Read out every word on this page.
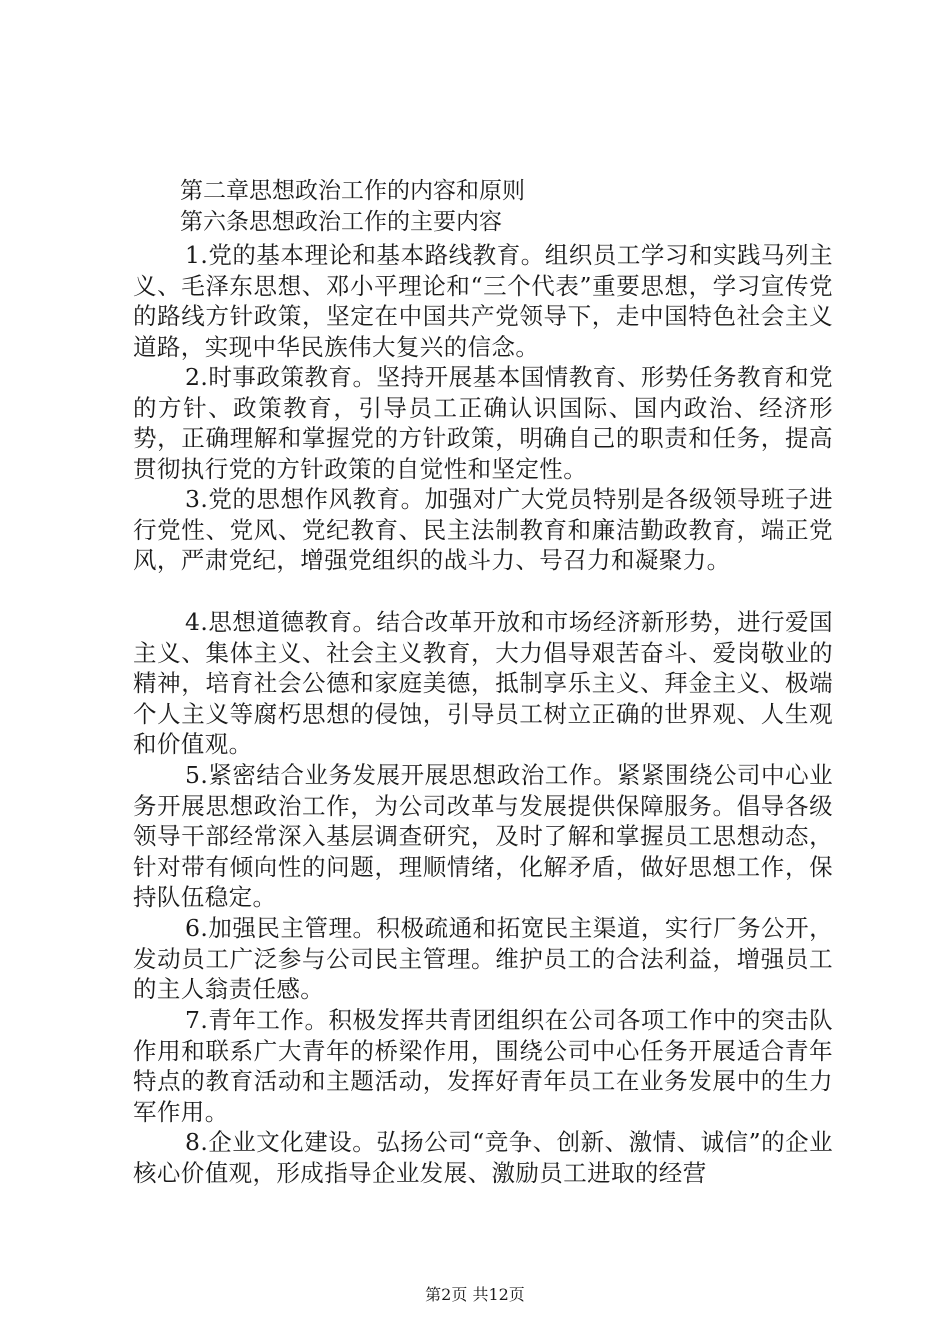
第二章思想政治工作的内容和原则
第六条思想政治工作的主要内容
1.党的基本理论和基本路线教育。组织员工学习和实践马列主义、毛泽东思想、邓小平理论和“三个代表”重要思想，学习宣传党的路线方针政策，坚定在中国共产党领导下，走中国特色社会主义道路，实现中华民族伟大复兴的信念。
2.时事政策教育。坚持开展基本国情教育、形势任务教育和党的方针、政策教育，引导员工正确认识国际、国内政治、经济形势，正确理解和掌握党的方针政策，明确自己的职责和任务，提高贯彻执行党的方针政策的自觉性和坚定性。
3.党的思想作风教育。加强对广大党员特别是各级领导班子进行党性、党风、党纪教育、民主法制教育和廉洁勤政教育，端正党风，严肃党纪，增强党组织的战斗力、号召力和凝聚力。
4.思想道德教育。结合改革开放和市场经济新形势，进行爱国主义、集体主义、社会主义教育，大力倡导艰苦奋斗、爱岗敬业的精神，培育社会公德和家庭美德，抵制享乐主义、拜金主义、极端个人主义等腐朽思想的侵蚀，引导员工树立正确的世界观、人生观和价值观。
5.紧密结合业务发展开展思想政治工作。紧紧围绕公司中心业务开展思想政治工作，为公司改革与发展提供保障服务。倡导各级领导干部经常深入基层调查研究，及时了解和掌握员工思想动态，针对带有倾向性的问题，理顺情绪，化解矛盾，做好思想工作，保持队伍稳定。
6.加强民主管理。积极疏通和拓宽民主渠道，实行厂务公开，发动员工广泛参与公司民主管理。维护员工的合法利益，增强员工的主人翁责任感。
7.青年工作。积极发挥共青团组织在公司各项工作中的突击队作用和联系广大青年的桥梁作用，围绕公司中心任务开展适合青年特点的教育活动和主题活动，发挥好青年员工在业务发展中的生力军作用。
8.企业文化建设。弘扬公司“竞争、创新、激情、诚信”的企业核心价值观，形成指导企业发展、激励员工进取的经营
第2页 共12页
